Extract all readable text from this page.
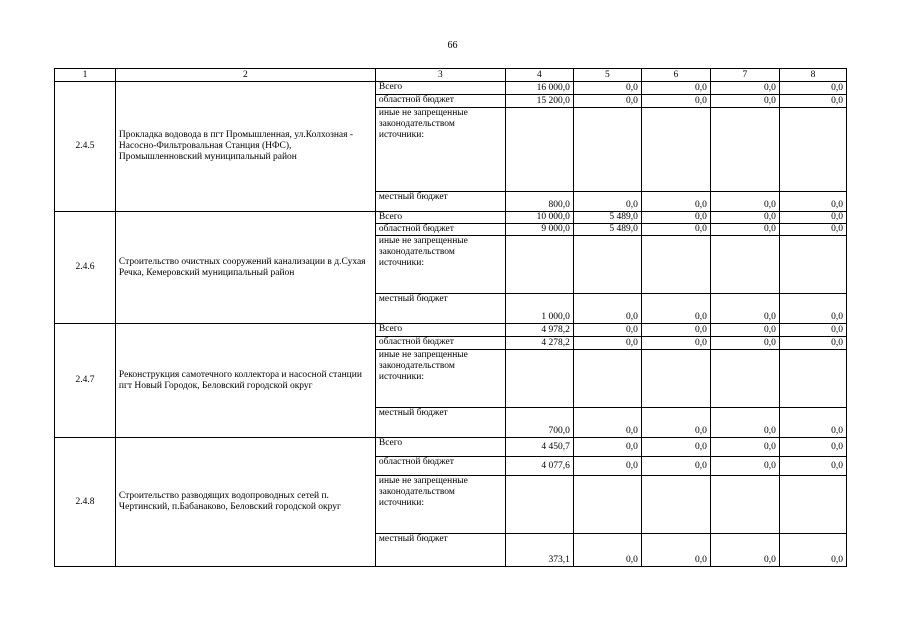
66
1	2	3	4	5	6	7	8
2.4.5	Прокладка водовода в пгт Промышленная, ул.Колхозная - Насосно-Фильтровальная Станция (НФС), Промышленновский муниципальный район	Всего	16 000,0	0,0	0,0	0,0	0,0
		областной бюджет	15 200,0	0,0	0,0	0,0	0,0
		иные не запрещенные законодательством источники:					
		местный бюджет	800,0	0,0	0,0	0,0	0,0
2.4.6	Строительство очистных сооружений канализации в д.Сухая Речка, Кемеровский муниципальный район	Всего	10 000,0	5 489,0	0,0	0,0	0,0
		областной бюджет	9 000,0	5 489,0	0,0	0,0	0,0
		иные не запрещенные законодательством источники:					
		местный бюджет	1 000,0	0,0	0,0	0,0	0,0
2.4.7	Реконструкция самотечного коллектора и насосной станции пгт Новый Городок, Беловский городской округ	Всего	4 978,2	0,0	0,0	0,0	0,0
		областной бюджет	4 278,2	0,0	0,0	0,0	0,0
		иные не запрещенные законодательством источники:					
		местный бюджет	700,0	0,0	0,0	0,0	0,0
2.4.8	Строительство разводящих водопроводных сетей п. Чертинский, п.Бабанаково, Беловский городской округ	Всего	4 450,7	0,0	0,0	0,0	0,0
		областной бюджет	4 077,6	0,0	0,0	0,0	0,0
		иные не запрещенные законодательством источники:					
		местный бюджет	373,1	0,0	0,0	0,0	0,0
